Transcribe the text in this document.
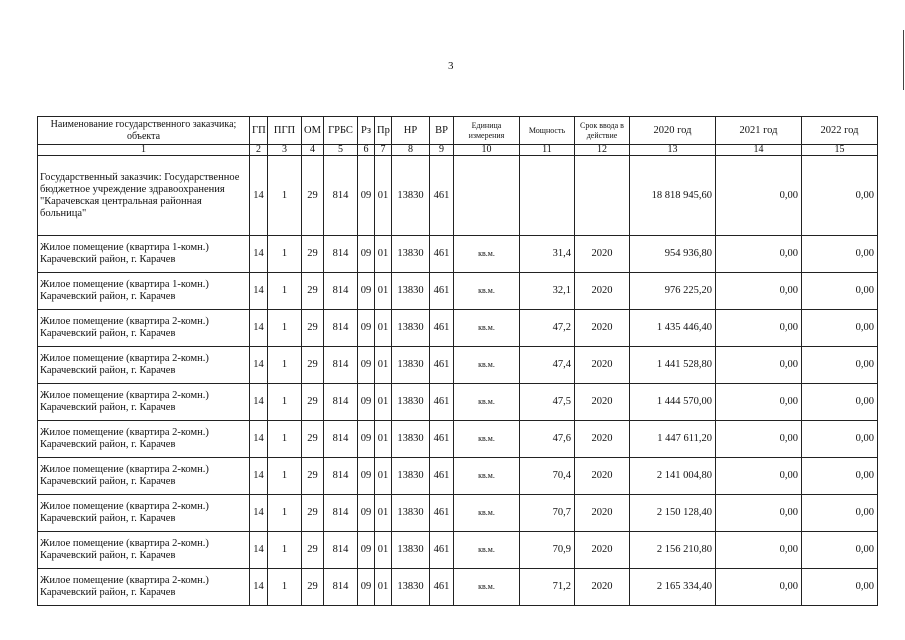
3
Наименование государственного заказчика; объекта	ГП	ПГП	ОМ	ГРБС	Рз	Пр	НР	ВР	Единица измерения	Мощность	Срок ввода в действие	2020 год	2021 год	2022 год
1	2	3	4	5	6	7	8	9	10	11	12	13	14	15
Государственный заказчик: Государственное бюджетное учреждение здравоохранения "Карачевская центральная районная больница"	14	1	29	814	09	01	13830	461				18 818 945,60	0,00	0,00
Жилое помещение (квартира 1-комн.) Карачевский район, г. Карачев	14	1	29	814	09	01	13830	461	кв.м.	31,4	2020	954 936,80	0,00	0,00
Жилое помещение (квартира 1-комн.) Карачевский район, г. Карачев	14	1	29	814	09	01	13830	461	кв.м.	32,1	2020	976 225,20	0,00	0,00
Жилое помещение (квартира 2-комн.) Карачевский район, г. Карачев	14	1	29	814	09	01	13830	461	кв.м.	47,2	2020	1 435 446,40	0,00	0,00
Жилое помещение (квартира 2-комн.) Карачевский район, г. Карачев	14	1	29	814	09	01	13830	461	кв.м.	47,4	2020	1 441 528,80	0,00	0,00
Жилое помещение (квартира 2-комн.) Карачевский район, г. Карачев	14	1	29	814	09	01	13830	461	кв.м.	47,5	2020	1 444 570,00	0,00	0,00
Жилое помещение (квартира 2-комн.) Карачевский район, г. Карачев	14	1	29	814	09	01	13830	461	кв.м.	47,6	2020	1 447 611,20	0,00	0,00
Жилое помещение (квартира 2-комн.) Карачевский район, г. Карачев	14	1	29	814	09	01	13830	461	кв.м.	70,4	2020	2 141 004,80	0,00	0,00
Жилое помещение (квартира 2-комн.) Карачевский район, г. Карачев	14	1	29	814	09	01	13830	461	кв.м.	70,7	2020	2 150 128,40	0,00	0,00
Жилое помещение (квартира 2-комн.) Карачевский район, г. Карачев	14	1	29	814	09	01	13830	461	кв.м.	70,9	2020	2 156 210,80	0,00	0,00
Жилое помещение (квартира 2-комн.) Карачевский район, г. Карачев	14	1	29	814	09	01	13830	461	кв.м.	71,2	2020	2 165 334,40	0,00	0,00
